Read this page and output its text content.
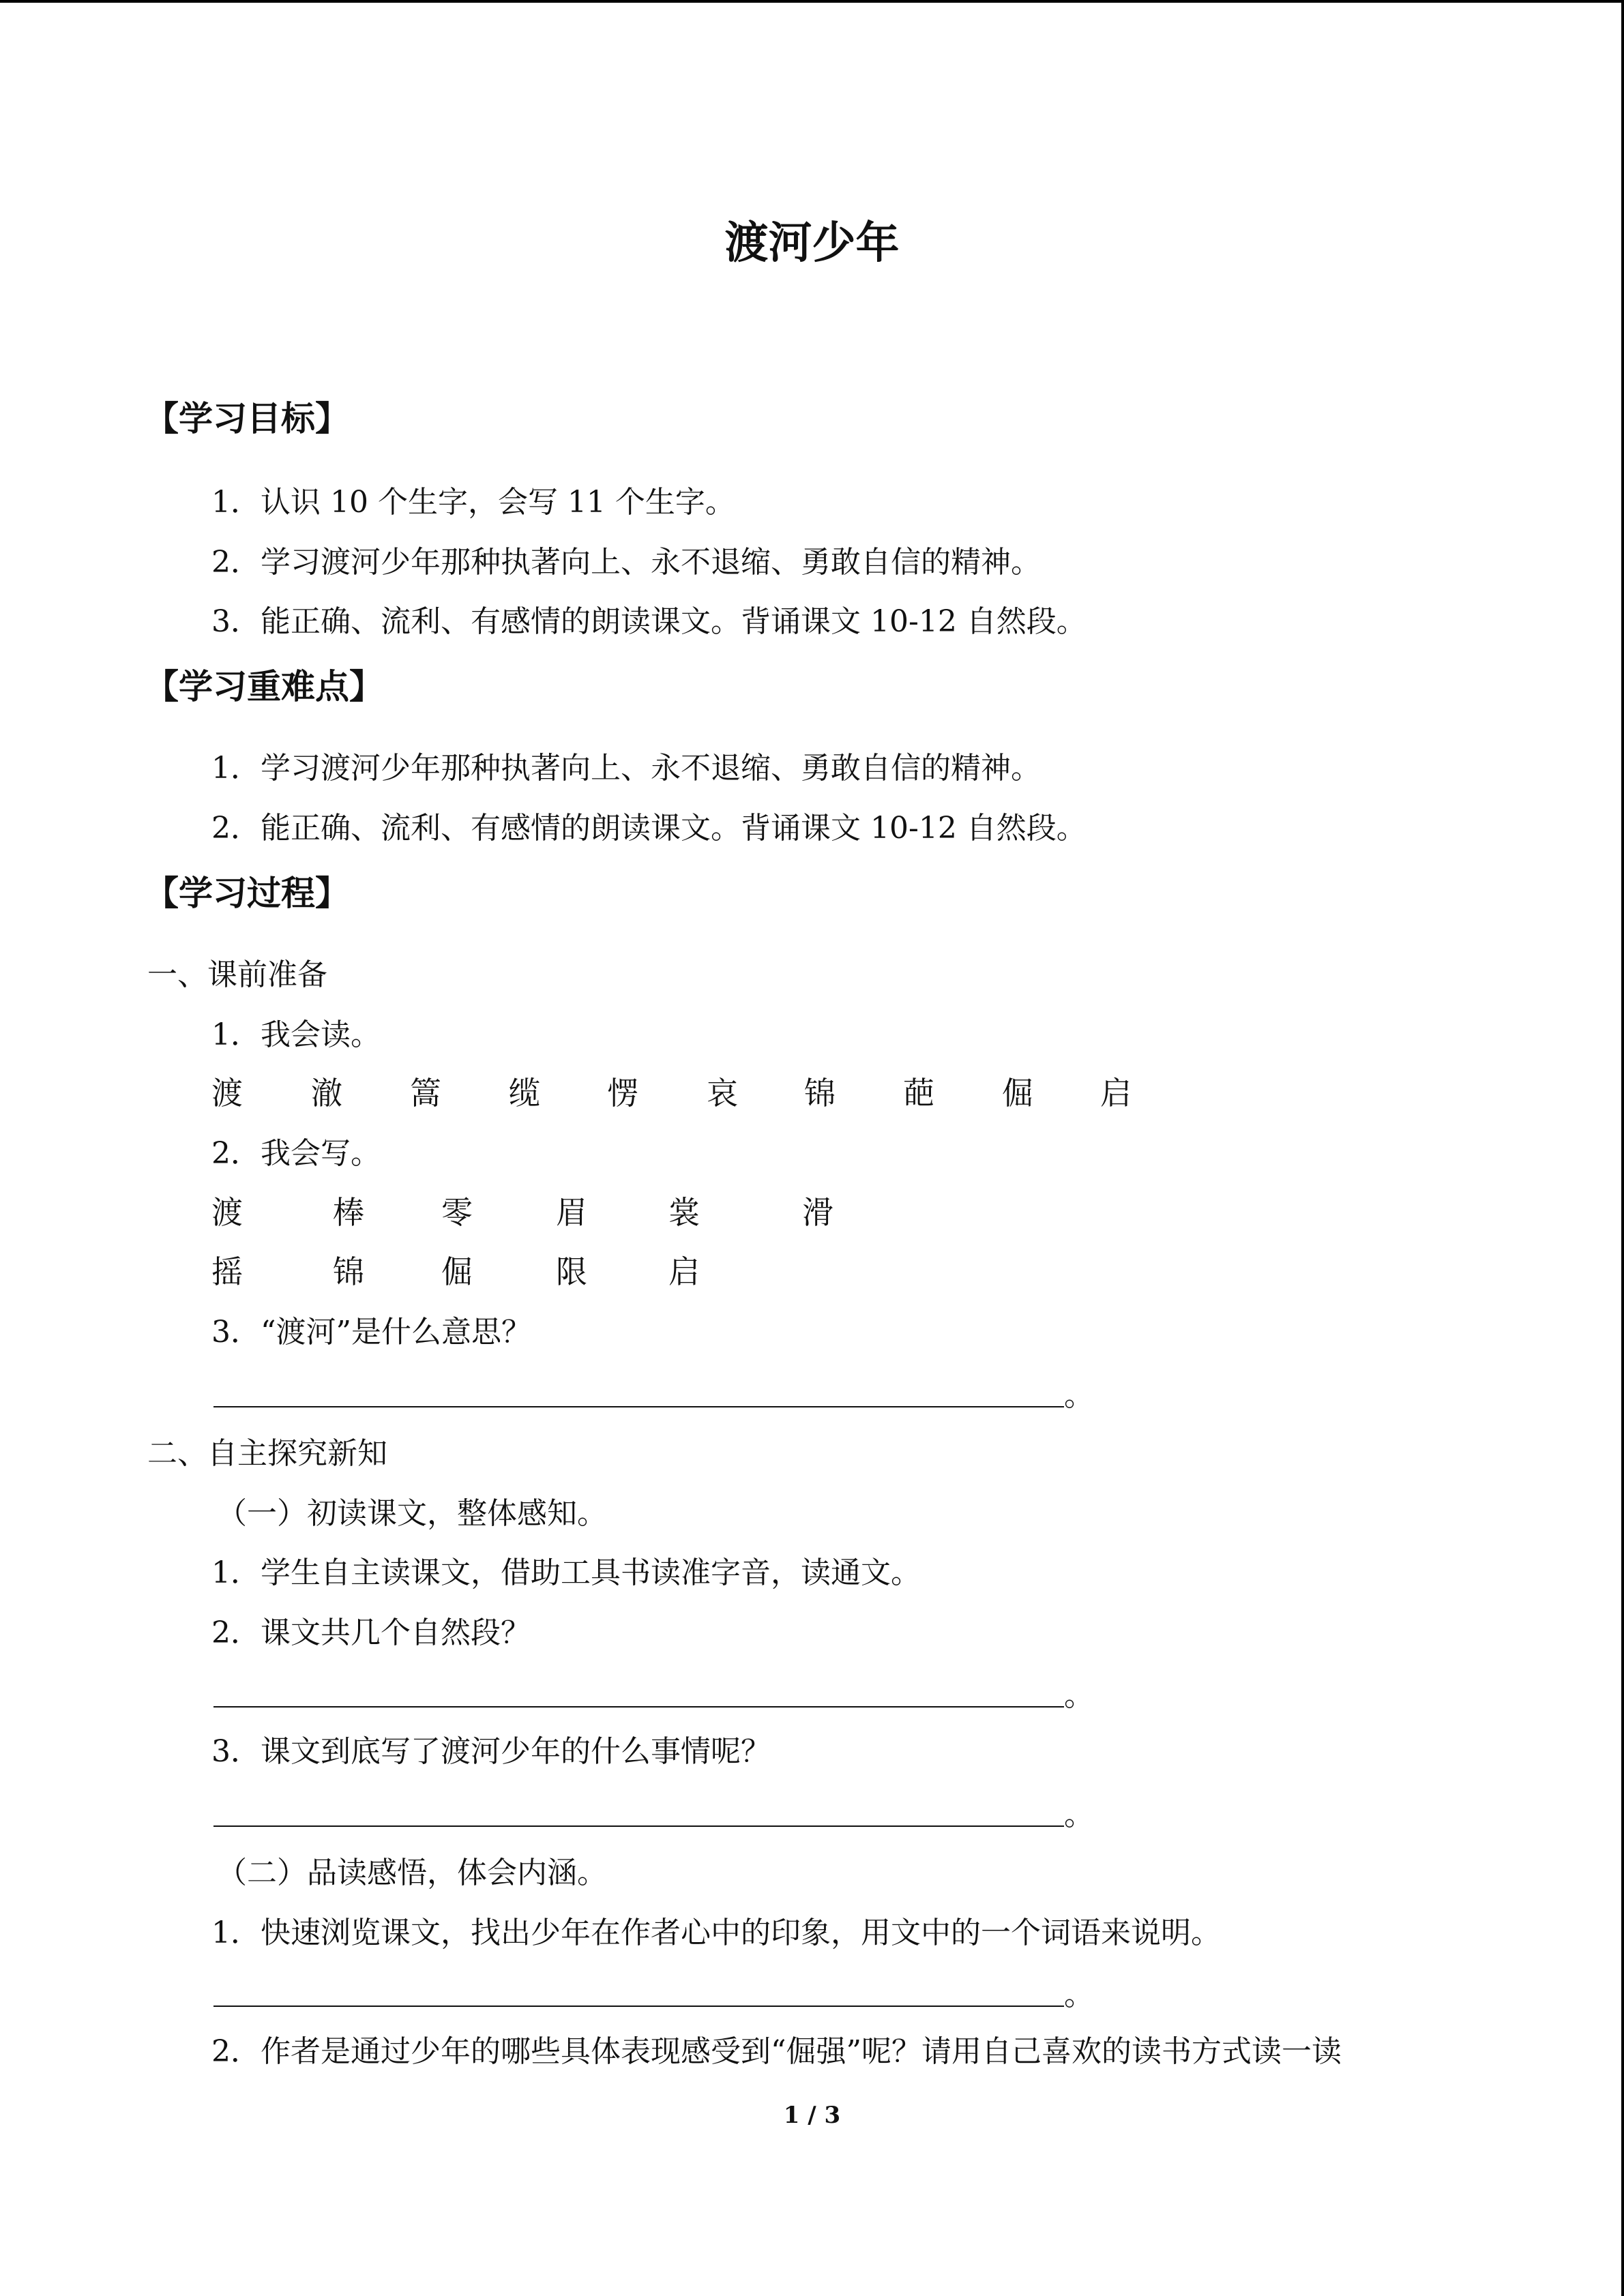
渡河少年
【学习目标】
1．认识 10 个生字，会写 11 个生字。
2．学习渡河少年那种执著向上、永不退缩、勇敢自信的精神。
3．能正确、流利、有感情的朗读课文。背诵课文 10-12 自然段。
【学习重难点】
1．学习渡河少年那种执著向上、永不退缩、勇敢自信的精神。
2．能正确、流利、有感情的朗读课文。背诵课文 10-12 自然段。
【学习过程】
一、课前准备
1．我会读。
渡 澈 篙 缆 愣 哀 锦 葩 倔 启
2．我会写。
渡	棒 零	眉	裳	滑
摇	锦 倔	限	启
3．“渡河”是什么意思？
。
二、自主探究新知
（一）初读课文，整体感知。
1．学生自主读课文，借助工具书读准字音，读通文。
2．课文共几个自然段？
。
3．课文到底写了渡河少年的什么事情呢？
。
（二）品读感悟，体会内涵。
1．快速浏览课文，找出少年在作者心中的印象，用文中的一个词语来说明。
。
2．作者是通过少年的哪些具体表现感受到“倔强”呢？请用自己喜欢的读书方式读一读
1 / 3
